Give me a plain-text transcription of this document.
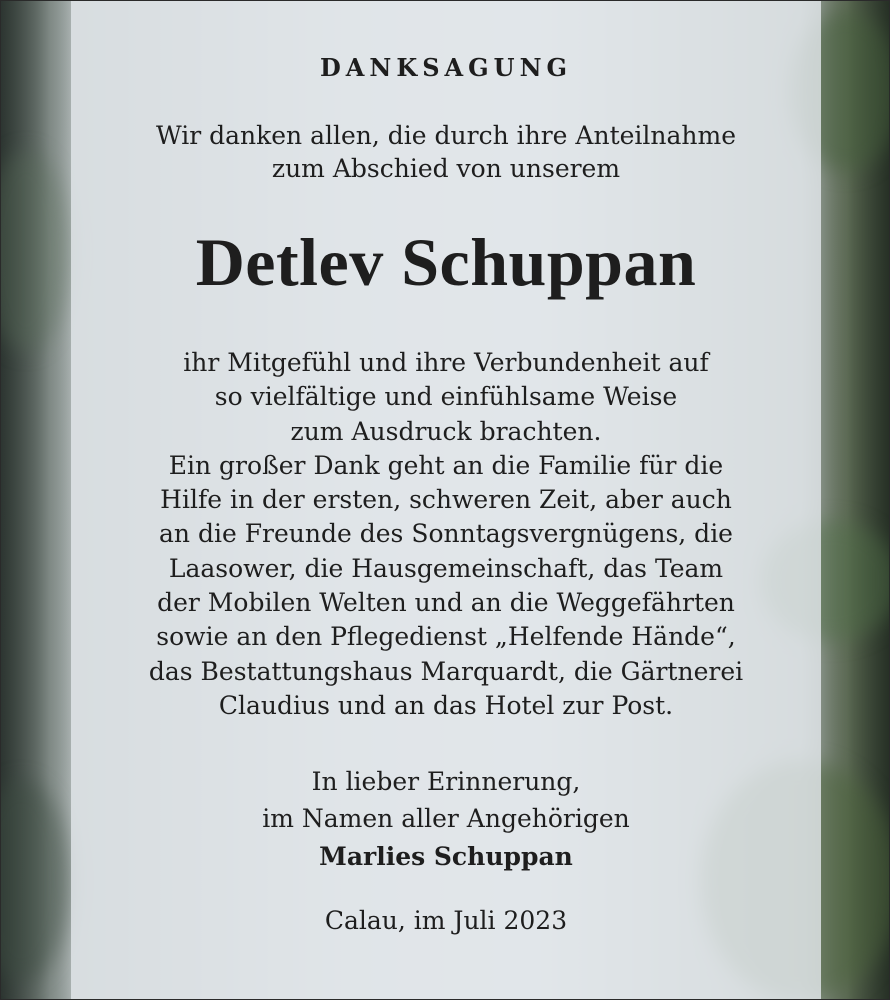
DANKSAGUNG
Wir danken allen, die durch ihre Anteilnahme
zum Abschied von unserem
Detlev Schuppan
ihr Mitgefühl und ihre Verbundenheit auf
so vielfältige und einfühlsame Weise
zum Ausdruck brachten.
Ein großer Dank geht an die Familie für die
Hilfe in der ersten, schweren Zeit, aber auch
an die Freunde des Sonntagsvergnügens, die
Laasower, die Hausgemeinschaft, das Team
der Mobilen Welten und an die Weggefährten
sowie an den Pflegedienst „Helfende Hände“,
das Bestattungshaus Marquardt, die Gärtnerei
Claudius und an das Hotel zur Post.
In lieber Erinnerung,
im Namen aller Angehörigen
Marlies Schuppan
Calau, im Juli 2023
